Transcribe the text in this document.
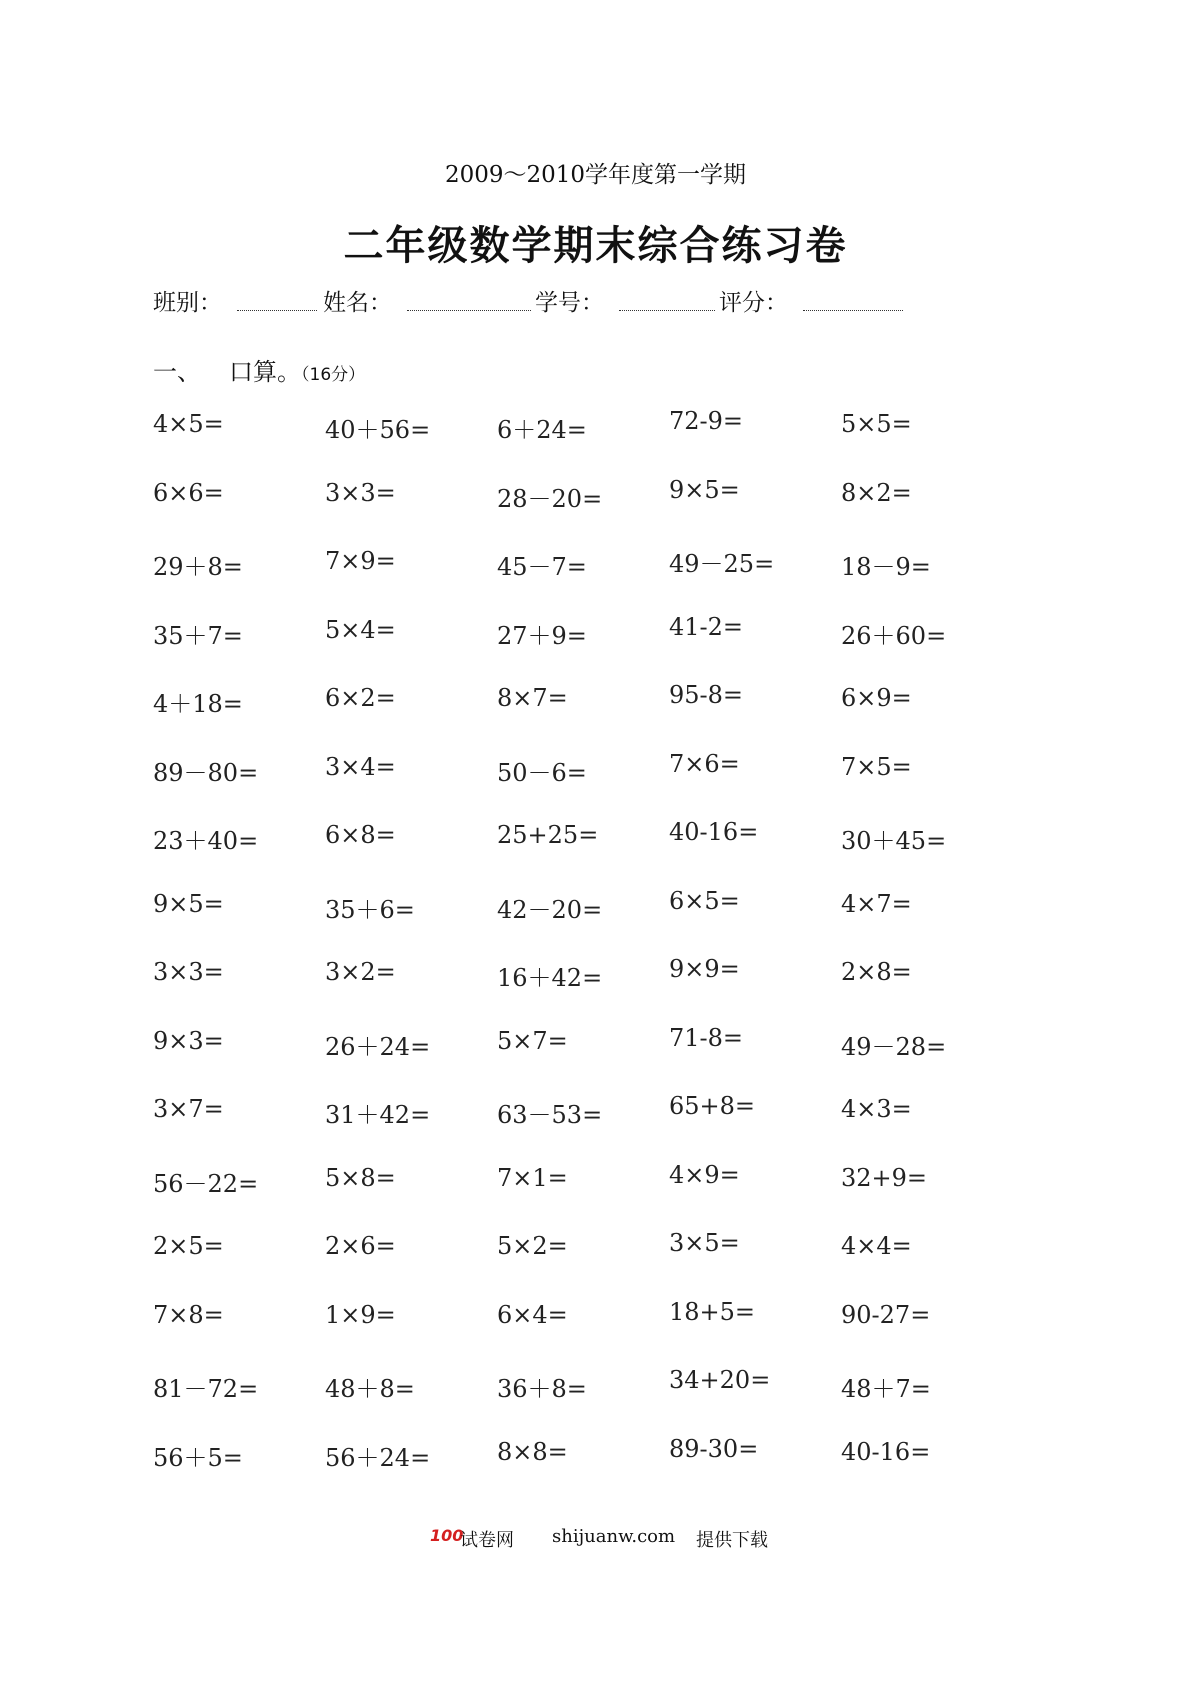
2009～2010学年度第一学期
二年级数学期末综合练习卷
班别：	姓名：	学号：	评分：
一、 口算。（16分）
4×5=	40＋56=	6＋24=	72-9=	5×5=
6×6=	3×3=	28－20=	9×5=	8×2=
29＋8=	7×9=	45－7=	49－25=	18－9=
35＋7=	5×4=	27＋9=	41-2=	26＋60=
4＋18=	6×2=	8×7=	95-8=	6×9=
89－80=	3×4=	50－6=	7×6=	7×5=
23＋40=	6×8=	25+25=	40-16=	30＋45=
9×5=	35＋6=	42－20=	6×5=	4×7=
3×3=	3×2=	16＋42=	9×9=	2×8=
9×3=	26＋24=	5×7=	71-8=	49－28=
3×7=	31＋42=	63－53=	65+8=	4×3=
56－22=	5×8=	7×1=	4×9=	32+9=
2×5=	2×6=	5×2=	3×5=	4×4=
7×8=	1×9=	6×4=	18+5=	90-27=
81－72=	48＋8=	36＋8=	34+20=	48＋7=
56＋5=	56＋24=	8×8=	89-30=	40-16=
100
试卷网 shijuanw.com 提供下载
